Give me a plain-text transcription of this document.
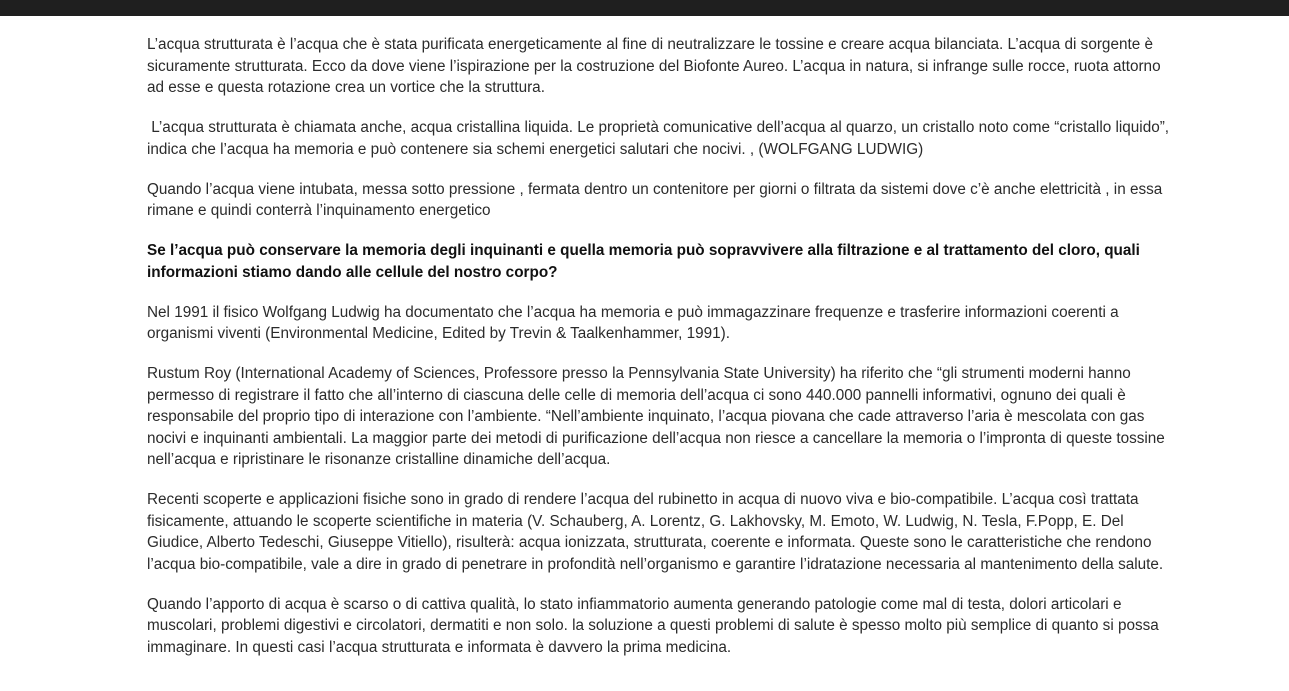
L’acqua strutturata è l’acqua che è stata purificata energeticamente al fine di neutralizzare le tossine e creare acqua bilanciata. L’acqua di sorgente è sicuramente strutturata. Ecco da dove viene l’ispirazione per la costruzione del Biofonte Aureo. L’acqua in natura, si infrange sulle rocce, ruota attorno ad esse e questa rotazione crea un vortice che la struttura.

L’acqua strutturata è chiamata anche, acqua cristallina liquida. Le proprietà comunicative dell’acqua al quarzo, un cristallo noto come “cristallo liquido”,  indica che l’acqua ha memoria e può contenere sia schemi energetici salutari che nocivi. , (WOLFGANG LUDWIG)

Quando l’acqua viene intubata, messa sotto pressione , fermata dentro un contenitore per giorni o filtrata da sistemi dove c’è anche elettricità , in essa rimane e quindi conterrà l’inquinamento energetico

Se l’acqua può conservare la memoria degli inquinanti e quella memoria può sopravvivere alla filtrazione e al trattamento del cloro, quali informazioni stiamo dando alle cellule del nostro corpo?

Nel 1991 il fisico Wolfgang Ludwig ha documentato che l’acqua ha memoria e può immagazzinare frequenze e trasferire informazioni coerenti a organismi viventi (Environmental Medicine, Edited by Trevin & Taalkenhammer, 1991).

Rustum Roy (International Academy of Sciences, Professore presso la Pennsylvania State University) ha riferito che “gli strumenti moderni hanno permesso di registrare il fatto che all’interno di ciascuna delle celle di memoria dell’acqua ci sono 440.000 pannelli informativi, ognuno dei quali è responsabile del proprio tipo di interazione con l’ambiente. “Nell’ambiente inquinato, l’acqua piovana che cade attraverso l’aria è mescolata con gas nocivi e inquinanti ambientali. La maggior parte dei metodi di purificazione dell’acqua non riesce a cancellare la memoria o l’impronta di queste tossine nell’acqua e ripristinare le risonanze cristalline dinamiche dell’acqua.

Recenti scoperte e applicazioni fisiche sono in grado di rendere l’acqua del rubinetto in acqua di nuovo viva e bio-compatibile. L’acqua così trattata fisicamente, attuando le scoperte scientifiche in materia (V. Schauberg, A. Lorentz, G. Lakhovsky, M. Emoto, W. Ludwig, N. Tesla, F.Popp, E. Del Giudice, Alberto Tedeschi, Giuseppe Vitiello), risulterà: acqua ionizzata, strutturata, coerente e informata. Queste sono le caratteristiche che rendono l’acqua bio-compatibile, vale a dire in grado di penetrare in profondità nell’organismo e garantire l’idratazione necessaria al mantenimento della salute.

Quando l’apporto di acqua è scarso o di cattiva qualità, lo stato infiammatorio aumenta generando patologie come mal di testa, dolori articolari e muscolari, problemi digestivi e circolatori, dermatiti e non solo. la soluzione a questi problemi di salute è spesso molto più semplice di quanto si possa immaginare. In questi casi l’acqua strutturata e informata è davvero la prima medicina.
